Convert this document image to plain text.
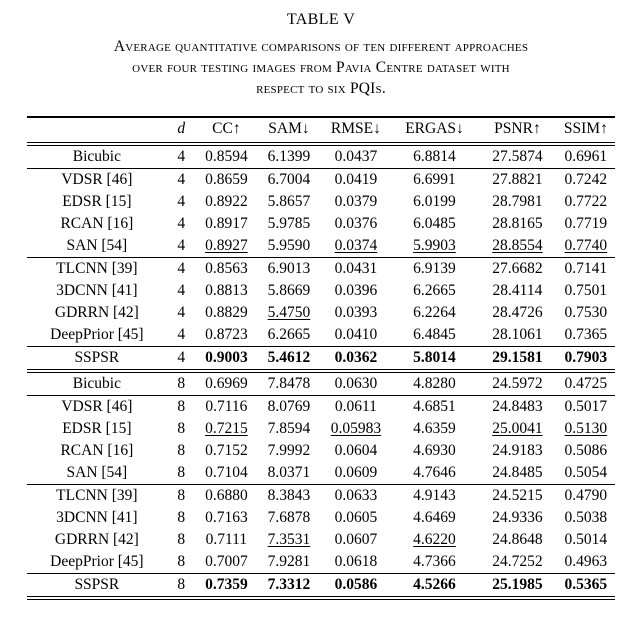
TABLE V
Average quantitative comparisons of ten different approaches
over four testing images from Pavia Centre dataset with
respect to six PQIs.
	d	CC↑	SAM↓	RMSE↓	ERGAS↓	PSNR↑	SSIM↑
Bicubic	4	0.8594	6.1399	0.0437	6.8814	27.5874	0.6961
VDSR [46]	4	0.8659	6.7004	0.0419	6.6991	27.8821	0.7242
EDSR [15]	4	0.8922	5.8657	0.0379	6.0199	28.7981	0.7722
RCAN [16]	4	0.8917	5.9785	0.0376	6.0485	28.8165	0.7719
SAN [54]	4	0.8927	5.9590	0.0374	5.9903	28.8554	0.7740
TLCNN [39]	4	0.8563	6.9013	0.0431	6.9139	27.6682	0.7141
3DCNN [41]	4	0.8813	5.8669	0.0396	6.2665	28.4114	0.7501
GDRRN [42]	4	0.8829	5.4750	0.0393	6.2264	28.4726	0.7530
DeepPrior [45]	4	0.8723	6.2665	0.0410	6.4845	28.1061	0.7365
SSPSR	4	0.9003	5.4612	0.0362	5.8014	29.1581	0.7903
Bicubic	8	0.6969	7.8478	0.0630	4.8280	24.5972	0.4725
VDSR [46]	8	0.7116	8.0769	0.0611	4.6851	24.8483	0.5017
EDSR [15]	8	0.7215	7.8594	0.05983	4.6359	25.0041	0.5130
RCAN [16]	8	0.7152	7.9992	0.0604	4.6930	24.9183	0.5086
SAN [54]	8	0.7104	8.0371	0.0609	4.7646	24.8485	0.5054
TLCNN [39]	8	0.6880	8.3843	0.0633	4.9143	24.5215	0.4790
3DCNN [41]	8	0.7163	7.6878	0.0605	4.6469	24.9336	0.5038
GDRRN [42]	8	0.7111	7.3531	0.0607	4.6220	24.8648	0.5014
DeepPrior [45]	8	0.7007	7.9281	0.0618	4.7366	24.7252	0.4963
SSPSR	8	0.7359	7.3312	0.0586	4.5266	25.1985	0.5365
